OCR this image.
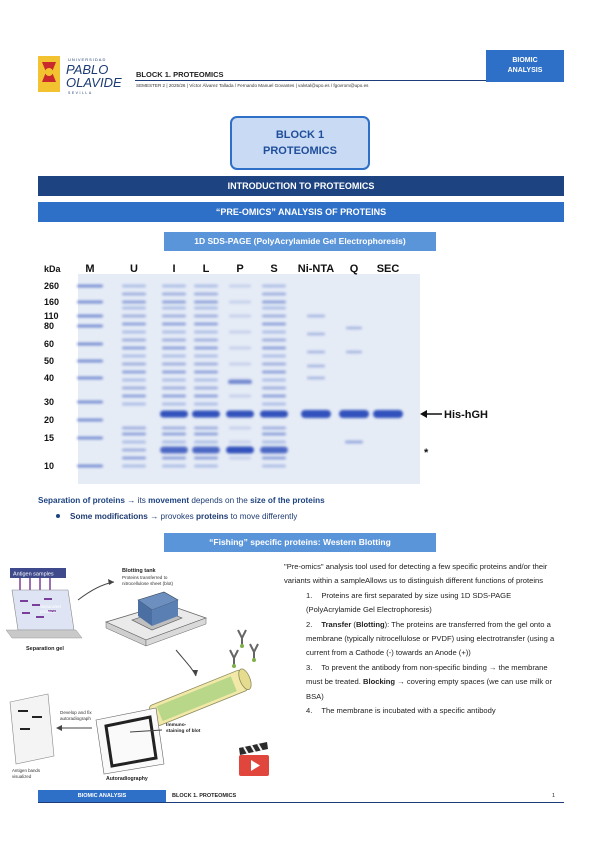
UNIVERSIDAD
PABLO
OLAVIDE
SEVILLA
BLOCK 1. PROTEOMICS
SEMESTER 2 | 2025/26 | Víctor Álvarez Tallada / Fernando Manuel Govantes | valvtal@upo.es / fgovrom@upo.es
BIOMIC
ANALYSIS
BLOCK 1
PROTEOMICS
INTRODUCTION TO PROTEOMICS
“PRE-OMICS” ANALYSIS OF PROTEINS
1D SDS-PAGE (PolyAcrylamide Gel Electrophoresis)
kDa M	U	I L P S Ni-NTA Q SEC
260
160
110
80
60
50
40
30
20
15
10
His-hGH
*
Separation of proteins → its movement depends on the size of the proteins
Some modifications → provokes proteins to move differently
“Fishing” specific proteins: Western Blotting
Antigen samples
Separated
proteins
Separation gel
Blotting tank
Proteins transferred to
nitrocellulose sheet (blot)
Immuno-
staining of blot
Autoradiography
Develop and fix
autoradiograph
Antigen bands
visualized

"Pre-omics" analysis tool used for detecting a few specific proteins and/or their variants within a sampleAllows us to distinguish different functions of proteins

1. Proteins are first separated by size using 1D SDS-PAGE (PolyAcrylamide Gel Electrophoresis)

2. Transfer (Blotting): The proteins are transferred from the gel onto a membrane (typically nitrocellulose or PVDF) using electrotransfer (using a current from a Cathode (-) towards an Anode (+))

3. To prevent the antibody from non-specific binding → the membrane must be treated. Blocking → covering empty spaces (we can use milk or BSA)

4. The membrane is incubated with a specific antibody

BIOMIC ANALYSIS	BLOCK 1. PROTEOMICS	1
